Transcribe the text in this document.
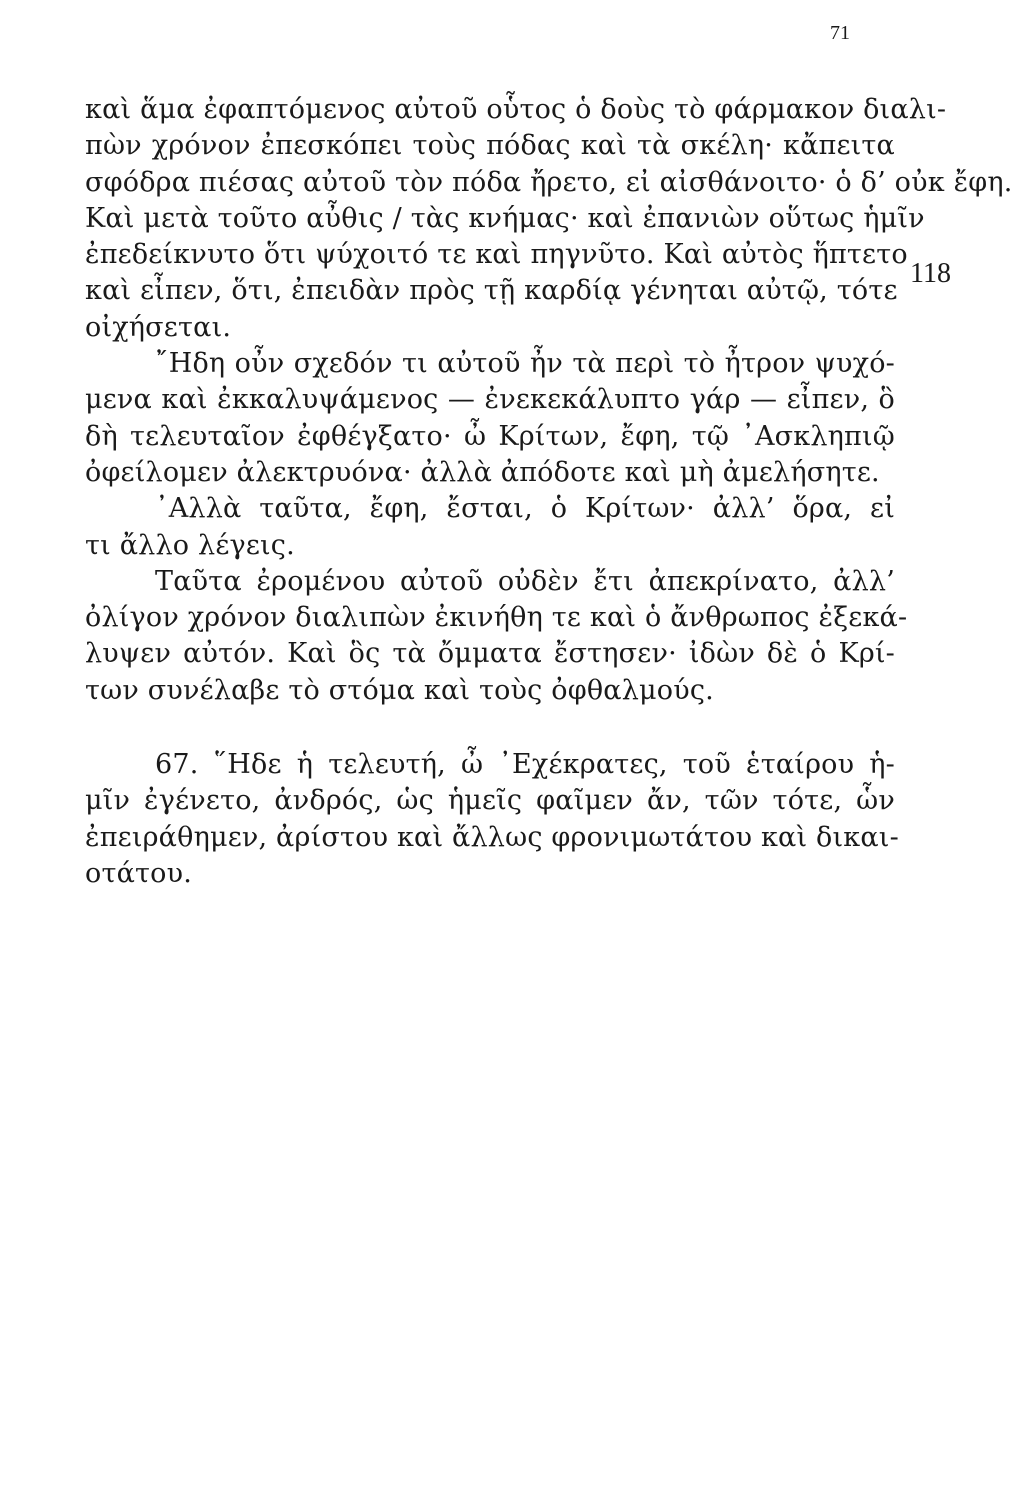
71
118
καὶ ἅμα ἐφαπτόμενος αὐτοῦ οὗτος ὁ δοὺς τὸ φάρμακον διαλι-
πὼν χρόνον ἐπεσκόπει τοὺς πόδας καὶ τὰ σκέλη· κἄπειτα
σφόδρα πιέσας αὐτοῦ τὸν πόδα ἤρετο, εἰ αἰσθάνοιτο· ὁ δ’ οὐκ ἔφη.
Καὶ μετὰ τοῦτο αὖθις / τὰς κνήμας· καὶ ἐπανιὼν οὕτως ἡμῖν
ἐπεδείκνυτο ὅτι ψύχοιτό τε καὶ πηγνῦτο. Καὶ αὐτὸς ἥπτετο
καὶ εἶπεν, ὅτι, ἐπειδὰν πρὸς τῇ καρδίᾳ γένηται αὐτῷ, τότε
οἰχήσεται.
῎Ηδη οὖν σχεδόν τι αὐτοῦ ἦν τὰ περὶ τὸ ἦτρον ψυχό-
μενα καὶ ἐκκαλυψάμενος — ἐνεκεκάλυπτο γάρ — εἶπεν, ὃ
δὴ τελευταῖον ἐφθέγξατο· ὦ Κρίτων, ἔφη, τῷ ᾿Ασκληπιῷ
ὀφείλομεν ἀλεκτρυόνα· ἀλλὰ ἀπόδοτε καὶ μὴ ἀμελήσητε.
᾿Αλλὰ ταῦτα, ἔφη, ἔσται, ὁ Κρίτων· ἀλλ’ ὅρα, εἰ
τι ἄλλο λέγεις.
Ταῦτα ἐρομένου αὐτοῦ οὐδὲν ἔτι ἀπεκρίνατο, ἀλλ’
ὀλίγον χρόνον διαλιπὼν ἐκινήθη τε καὶ ὁ ἄνθρωπος ἐξεκά-
λυψεν αὐτόν. Καὶ ὃς τὰ ὄμματα ἔστησεν· ἰδὼν δὲ ὁ Κρί-
των συνέλαβε τὸ στόμα καὶ τοὺς ὀφθαλμούς.
67. ῞Ηδε ἡ τελευτή, ὦ ᾿Εχέκρατες, τοῦ ἑταίρου ἡ-
μῖν ἐγένετο, ἀνδρός, ὡς ἡμεῖς φαῖμεν ἄν, τῶν τότε, ὧν
ἐπειράθημεν, ἀρίστου καὶ ἄλλως φρονιμωτάτου καὶ δικαι-
οτάτου.
